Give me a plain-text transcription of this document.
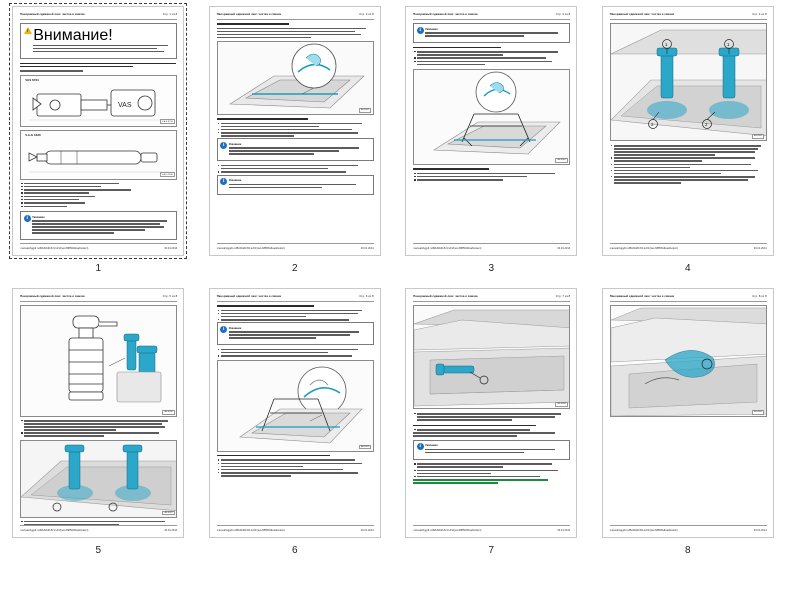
Панорамный сдвижной люк: чистка и смазка	Стр. 1 из 8
!
Внимание!
VAS 6734
VAS
V.A.S.6734
V.A.G 1630
V.A.G.1630
i	Указание
manual/Aggdt.ru/ВАЗ/dd0.82.kv01/(set-68856/dload/solect)	30.01.2014
1
Панорамный сдвижной люк: чистка и смазка	Стр. 2 из 8
A5-0901
i	Указание
i	Указание
manual/Aggdt.ru/ВАЗ/dd0.82.kv01/(set-68856/dload/solect)	30.01.2014
2
Панорамный сдвижной люк: чистка и смазка	Стр. 3 из 8
i	Указание
A5-0902
manual/Aggdt.ru/ВАЗ/dd0.82.kv01/(set-68856/dload/solect)	30.01.2014
3
Панорамный сдвижной люк: чистка и смазка	Стр. 4 из 8
1	1
2	2
A5-0905
manual/Aggdt.ru/ВАЗ/dd0.82.kv01/(set-68856/dload/solect)	30.01.2014
4
Панорамный сдвижной люк: чистка и смазка	Стр. 5 из 8
A5-0906
A5-0907
manual/Aggdt.ru/ВАЗ/dd0.82.kv01/(set-68856/dload/solect)	30.01.2014
5
Панорамный сдвижной люк: чистка и смазка	Стр. 6 из 8
i	Указание
A5-0903
manual/Aggdt.ru/ВАЗ/dd0.82.kv01/(set-68856/dload/solect)	30.01.2014
6
Панорамный сдвижной люк: чистка и смазка	Стр. 7 из 8
A5-0908
i	Указание
manual/Aggdt.ru/ВАЗ/dd0.82.kv01/(set-68856/dload/solect)	30.01.2014
7
Панорамный сдвижной люк: чистка и смазка	Стр. 8 из 8
A5-0909
manual/Aggdt.ru/ВАЗ/dd0.82.kv01/(set-68856/dload/solect)	30.01.2014
8
